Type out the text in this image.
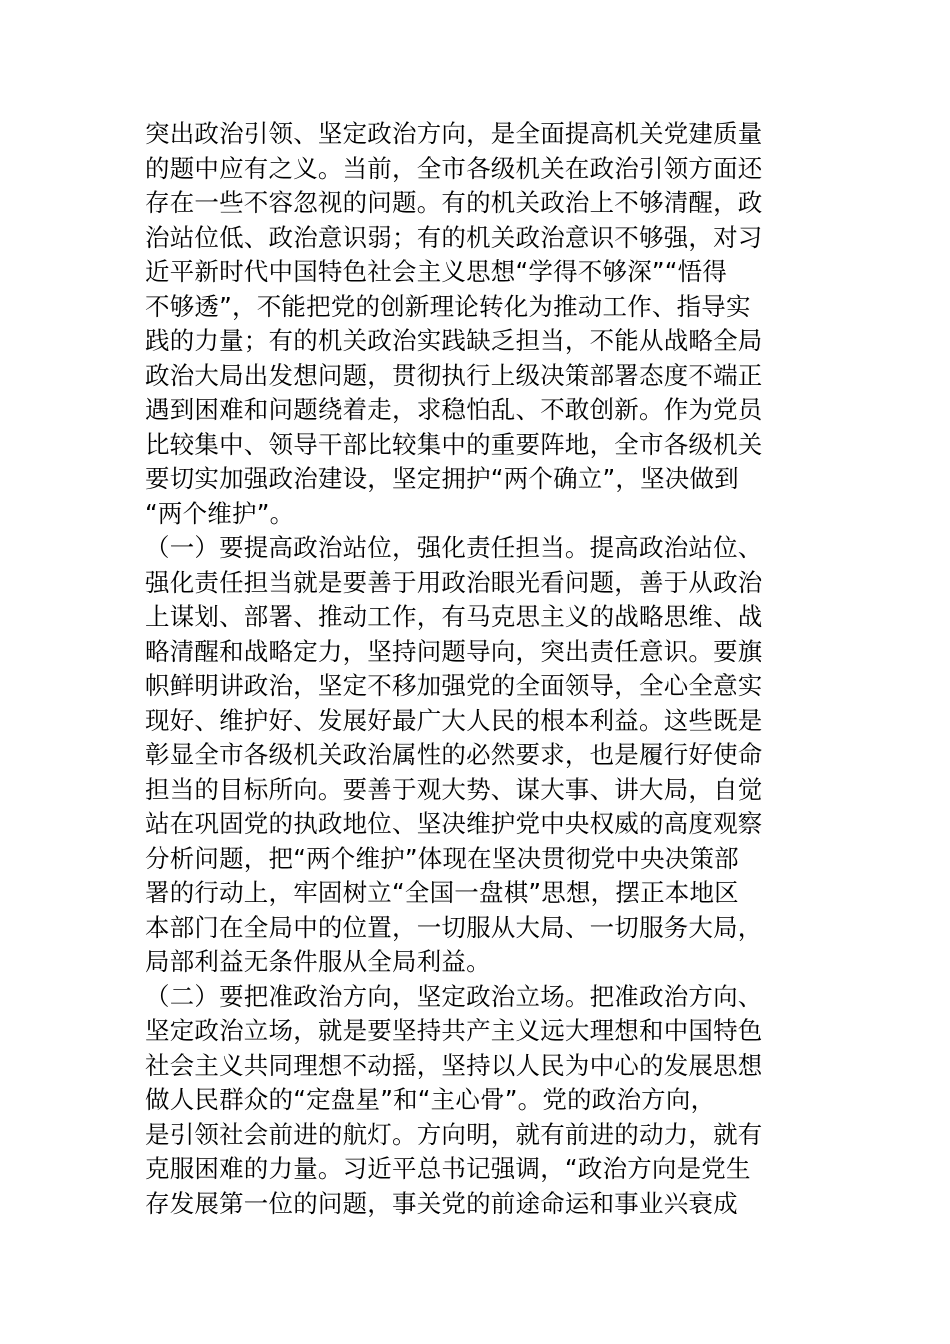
突出政治引领、坚定政治方向，是全面提高机关党建质量
的题中应有之义。当前，全市各级机关在政治引领方面还
存在一些不容忽视的问题。有的机关政治上不够清醒，政
治站位低、政治意识弱；有的机关政治意识不够强，对习
近平新时代中国特色社会主义思想“学得不够深”“悟得
不够透”，不能把党的创新理论转化为推动工作、指导实
践的力量；有的机关政治实践缺乏担当，不能从战略全局
政治大局出发想问题，贯彻执行上级决策部署态度不端正
遇到困难和问题绕着走，求稳怕乱、不敢创新。作为党员
比较集中、领导干部比较集中的重要阵地，全市各级机关
要切实加强政治建设，坚定拥护“两个确立”，坚决做到
“两个维护”。
（一）要提高政治站位，强化责任担当。提高政治站位、
强化责任担当就是要善于用政治眼光看问题，善于从政治
上谋划、部署、推动工作，有马克思主义的战略思维、战
略清醒和战略定力，坚持问题导向，突出责任意识。要旗
帜鲜明讲政治，坚定不移加强党的全面领导，全心全意实
现好、维护好、发展好最广大人民的根本利益。这些既是
彰显全市各级机关政治属性的必然要求，也是履行好使命
担当的目标所向。要善于观大势、谋大事、讲大局，自觉
站在巩固党的执政地位、坚决维护党中央权威的高度观察
分析问题，把“两个维护”体现在坚决贯彻党中央决策部
署的行动上，牢固树立“全国一盘棋”思想，摆正本地区
本部门在全局中的位置，一切服从大局、一切服务大局，
局部利益无条件服从全局利益。
（二）要把准政治方向，坚定政治立场。把准政治方向、
坚定政治立场，就是要坚持共产主义远大理想和中国特色
社会主义共同理想不动摇，坚持以人民为中心的发展思想
做人民群众的“定盘星”和“主心骨”。党的政治方向，
是引领社会前进的航灯。方向明，就有前进的动力，就有
克服困难的力量。习近平总书记强调，“政治方向是党生
存发展第一位的问题，事关党的前途命运和事业兴衰成
